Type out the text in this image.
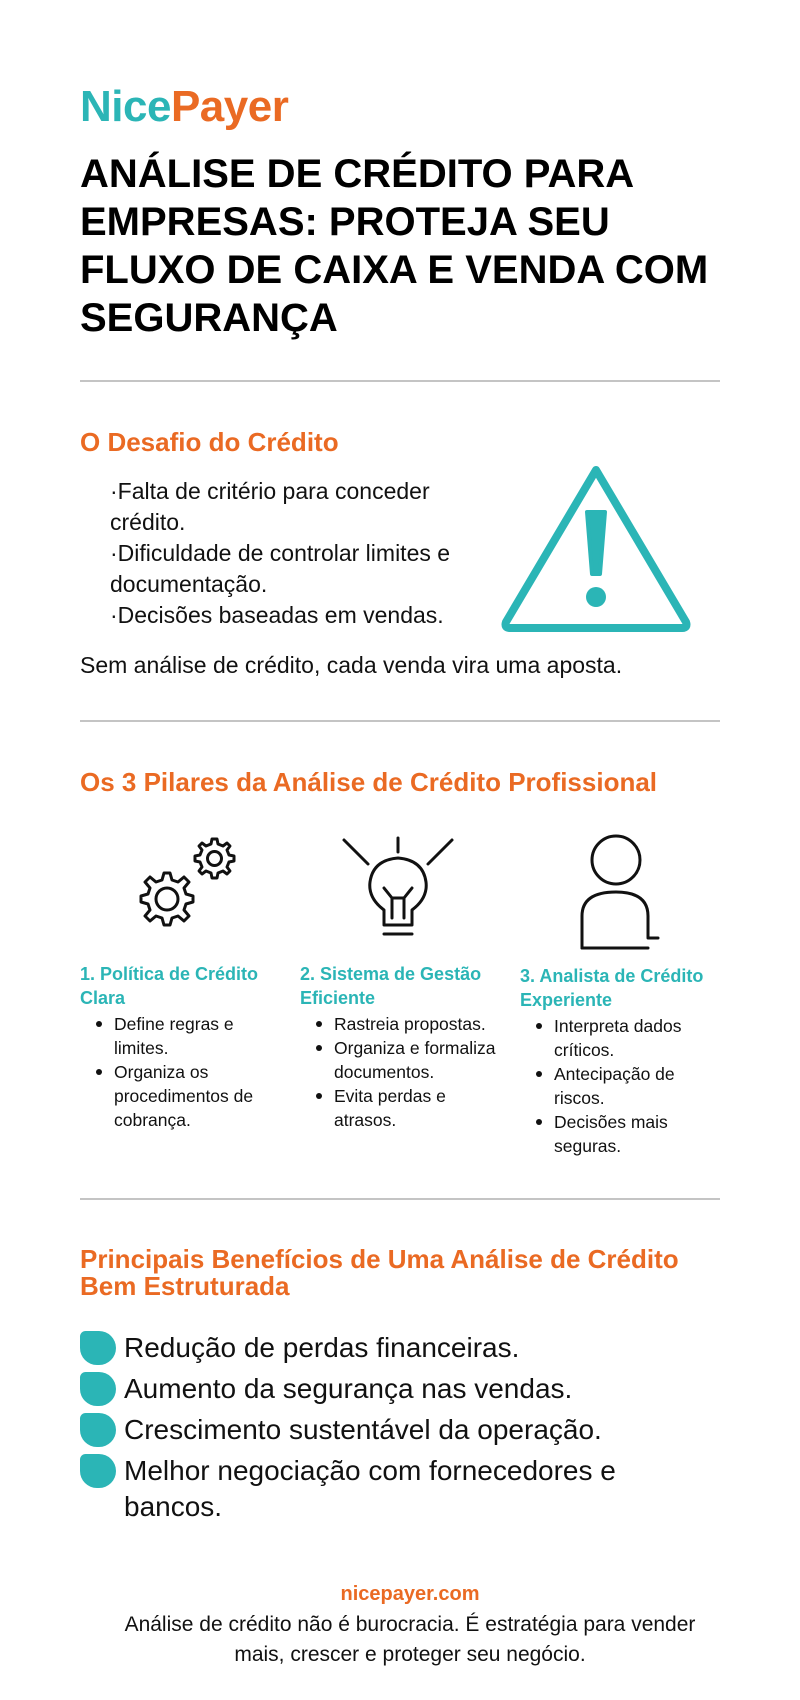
NicePayer
ANÁLISE DE CRÉDITO PARA EMPRESAS: PROTEJA SEU FLUXO DE CAIXA E VENDA COM SEGURANÇA
O Desafio do Crédito
·Falta de critério para conceder crédito.
·Dificuldade de controlar limites e documentação.
·Decisões baseadas em vendas.

Sem análise de crédito, cada venda vira uma aposta.

Os 3 Pilares da Análise de Crédito Profissional
1. Política de Crédito Clara
Define regras e limites.
Organiza os procedimentos de cobrança.
2. Sistema de Gestão Eficiente
Rastreia propostas.
Organiza e formaliza documentos.
Evita perdas e atrasos.
3. Analista de Crédito Experiente
Interpreta dados críticos.
Antecipação de riscos.
Decisões mais seguras.
Principais Benefícios de Uma Análise de Crédito Bem Estruturada
Redução de perdas financeiras.
Aumento da segurança nas vendas.
Crescimento sustentável da operação.
Melhor negociação com fornecedores e bancos.
nicepayer.com

Análise de crédito não é burocracia. É estratégia para vender mais, crescer e proteger seu negócio.
